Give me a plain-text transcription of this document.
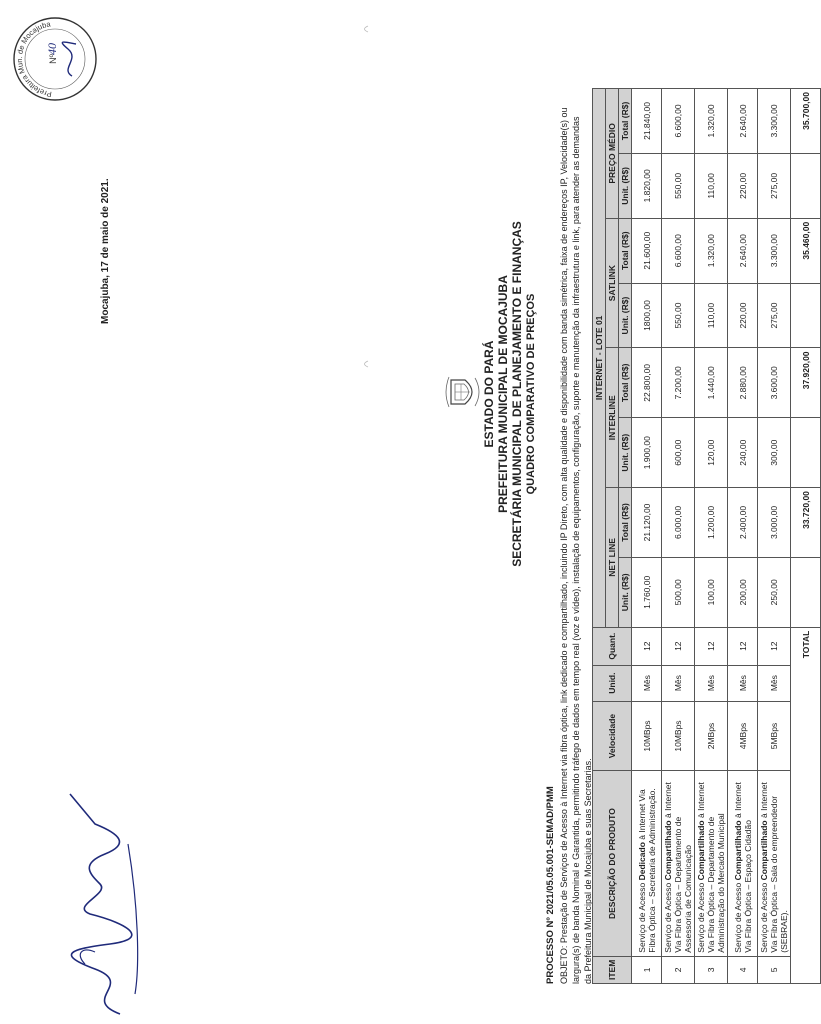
ESTADO DO PARÁ PREFEITURA MUNICIPAL DE MOCAJUBA SECRETÁRIA MUNICIPAL DE PLANEJAMENTO E FINANÇAS QUADRO COMPARATIVO DE PREÇOS
PROCESSO Nº 2021/05.05.001-SEMAD/PMM OBJETO: Prestação de Serviços de Acesso à Internet via fibra óptica, link dedicado e compartilhado, incluindo IP Direto, com alta qualidade e disponibilidade com banda simétrica, faixa de endereços IP, Velocidade(s) ou largura(s) de banda Nominal e Garantida, permitindo tráfego de dados em tempo real (voz e vídeo), instalação de equipamentos, configuração, suporte e manutenção da infraestrutura e link, para atender as demandas da Prefeitura Municipal de Mocajuba e suas Secretarias. ITEM	DESCRIÇÃO DO PRODUTO	Velocidade	Unid.	Quant.	INTERNET - LOTE 01							
					NET LINE		INTERLINE		SATLINK		PREÇO MÉDIO	
					Unit. (R$)	Total (R$)	Unit. (R$)	Total (R$)	Unit. (R$)	Total (R$)	Unit. (R$)	Total (R$)
1	Serviço de Acesso Dedicado à Internet Via Fibra Óptica – Secretaria de Administração.	10MBps	Mês	12	1.760,00	21.120,00	1.900,00	22.800,00	1800,00	21.600,00	1.820,00	21.840,00
2	Serviço de Acesso Compartilhado à Internet Via Fibra Óptica – Departamento de Assessoria de Comunicação	10MBps	Mês	12	500,00	6.000,00	600,00	7.200,00	550,00	6.600,00	550,00	6.600,00
3	Serviço de Acesso Compartilhado à Internet Via Fibra Óptica – Departamento de Administração do Mercado Municipal	2MBps	Mês	12	100,00	1.200,00	120,00	1.440,00	110,00	1.320,00	110,00	1.320,00
4	Serviço de Acesso Compartilhado à Internet Via Fibra Óptica – Espaço Cidadão	4MBps	Mês	12	200,00	2.400,00	240,00	2.880,00	220,00	2.640,00	220,00	2.640,00
5	Serviço de Acesso Compartilhado à Internet Via Fibra Óptica – Sala do empreendedor (SEBRAE).	5MBps	Mês	12	250,00	3.000,00	300,00	3.600,00	275,00	3.300,00	275,00	3.300,00
TOTAL						33.720,00		37.920,00		35.460,00		35.700,00
Mocajuba, 17 de maio de 2021.
Nº
40
Prefeitura Mun. de Mocajuba
